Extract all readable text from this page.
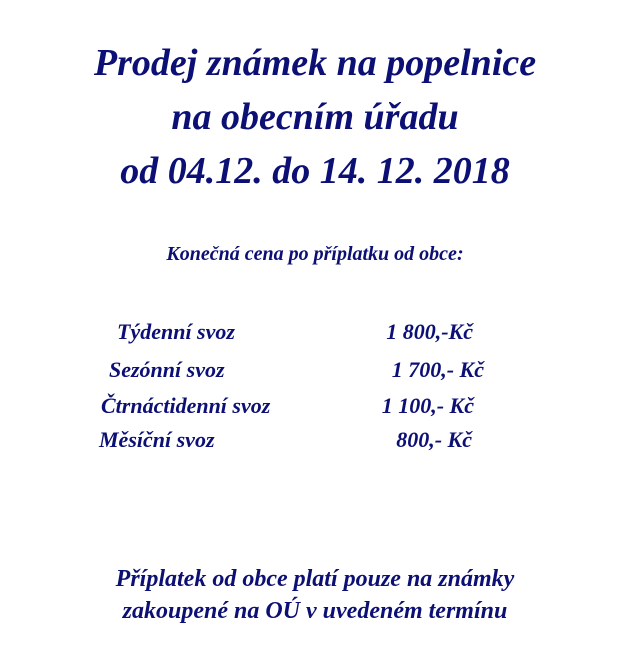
Prodej známek na popelnice
na obecním úřadu
od 04.12. do 14. 12. 2018
Konečná cena po příplatku od obce:
Týdenní svoz	1 800,-Kč
Sezónní svoz	1 700,- Kč
Čtrnáctidenní svoz	1 100,- Kč
Měsíční svoz	800,- Kč
Příplatek od obce platí pouze na známky
zakoupené na OÚ v uvedeném termínu
